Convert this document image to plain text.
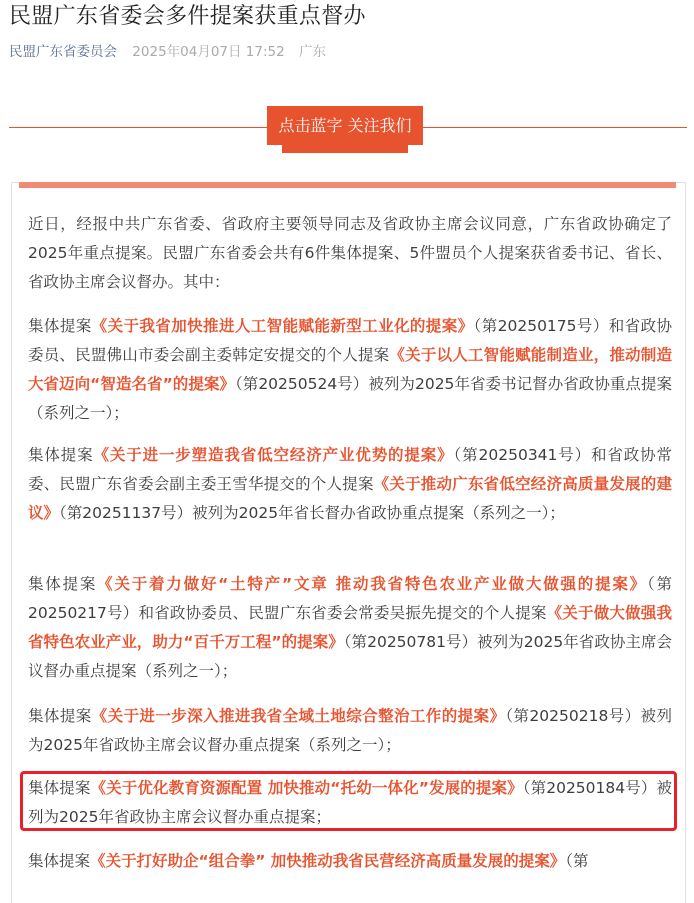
民盟广东省委会多件提案获重点督办
民盟广东省委员会 2025年04月07日 17:52 广东
点击蓝字 关注我们
近日，经报中共广东省委、省政府主要领导同志及省政协主席会议同意，广东省政协确定了2025年重点提案。民盟广东省委会共有6件集体提案、5件盟员个人提案获省委书记、省长、省政协主席会议督办。其中：
集体提案《关于我省加快推进人工智能赋能新型工业化的提案》（第20250175号）和省政协委员、民盟佛山市委会副主委韩定安提交的个人提案《关于以人工智能赋能制造业，推动制造大省迈向“智造名省”的提案》（第20250524号）被列为2025年省委书记督办省政协重点提案（系列之一）；
集体提案《关于进一步塑造我省低空经济产业优势的提案》（第20250341号）和省政协常委、民盟广东省委会副主委王雪华提交的个人提案《关于推动广东省低空经济高质量发展的建议》（第20251137号）被列为2025年省长督办省政协重点提案（系列之一）；
集体提案《关于着力做好“土特产”文章 推动我省特色农业产业做大做强的提案》（第20250217号）和省政协委员、民盟广东省委会常委吴振先提交的个人提案《关于做大做强我省特色农业产业，助力“百千万工程”的提案》（第20250781号）被列为2025年省政协主席会议督办重点提案（系列之一）；
集体提案《关于进一步深入推进我省全域土地综合整治工作的提案》（第20250218号）被列为2025年省政协主席会议督办重点提案（系列之一）；
集体提案《关于优化教育资源配置 加快推动“托幼一体化”发展的提案》（第20250184号）被列为2025年省政协主席会议督办重点提案；
集体提案《关于打好助企“组合拳” 加快推动我省民营经济高质量发展的提案》（第
